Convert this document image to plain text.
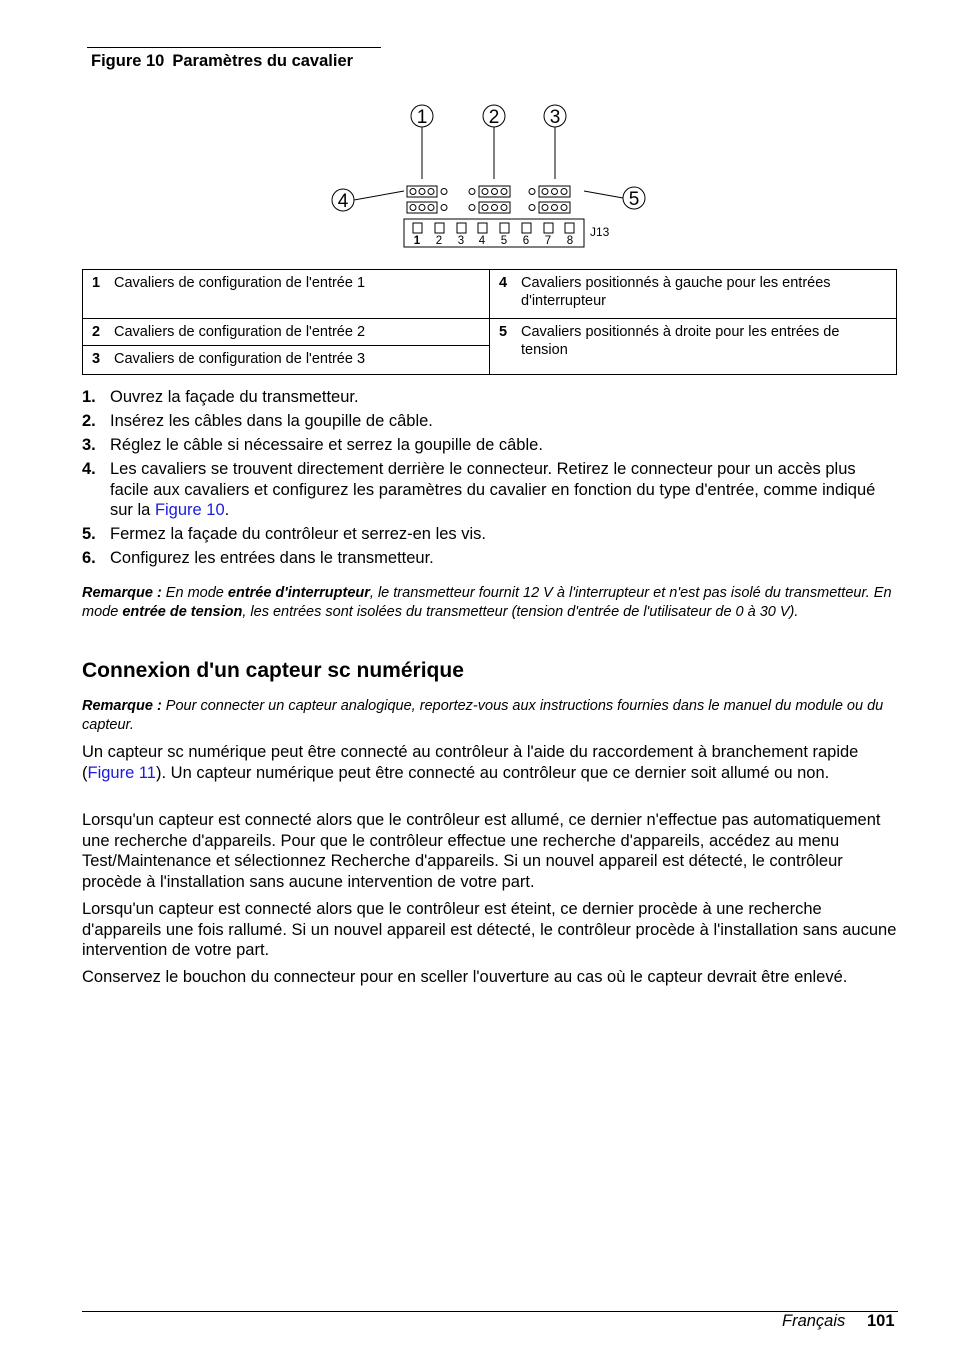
Figure 10 Paramètres du cavalier
1	2	3
4	5
1 2 3 4 5 6 7 8
J13
1 Cavaliers de configuration de l'entrée 1	4 Cavaliers positionnés à gauche pour les entrées d'interrupteur

2 Cavaliers de configuration de l'entrée 2	5 Cavaliers positionnés à droite pour les entrées de tension

3 Cavaliers de configuration de l'entrée 3	
1. Ouvrez la façade du transmetteur.
2. Insérez les câbles dans la goupille de câble.
3. Réglez le câble si nécessaire et serrez la goupille de câble.
4. Les cavaliers se trouvent directement derrière le connecteur. Retirez le connecteur pour un accès plus facile aux cavaliers et configurez les paramètres du cavalier en fonction du type d'entrée, comme indiqué sur la Figure 10.
5. Fermez la façade du contrôleur et serrez-en les vis.
6. Configurez les entrées dans le transmetteur.
Remarque : En mode entrée d'interrupteur, le transmetteur fournit 12 V à l'interrupteur et n'est pas isolé du transmetteur. En mode entrée de tension, les entrées sont isolées du transmetteur (tension d'entrée de l'utilisateur de 0 à 30 V).
Connexion d'un capteur sc numérique
Remarque : Pour connecter un capteur analogique, reportez-vous aux instructions fournies dans le manuel du module ou du capteur.
Un capteur sc numérique peut être connecté au contrôleur à l'aide du raccordement à branchement rapide (Figure 11). Un capteur numérique peut être connecté au contrôleur que ce dernier soit allumé ou non.
Lorsqu'un capteur est connecté alors que le contrôleur est allumé, ce dernier n'effectue pas automatiquement une recherche d'appareils. Pour que le contrôleur effectue une recherche d'appareils, accédez au menu Test/Maintenance et sélectionnez Recherche d'appareils. Si un nouvel appareil est détecté, le contrôleur procède à l'installation sans aucune intervention de votre part.
Lorsqu'un capteur est connecté alors que le contrôleur est éteint, ce dernier procède à une recherche d'appareils une fois rallumé. Si un nouvel appareil est détecté, le contrôleur procède à l'installation sans aucune intervention de votre part.
Conservez le bouchon du connecteur pour en sceller l'ouverture au cas où le capteur devrait être enlevé.
Français 101
